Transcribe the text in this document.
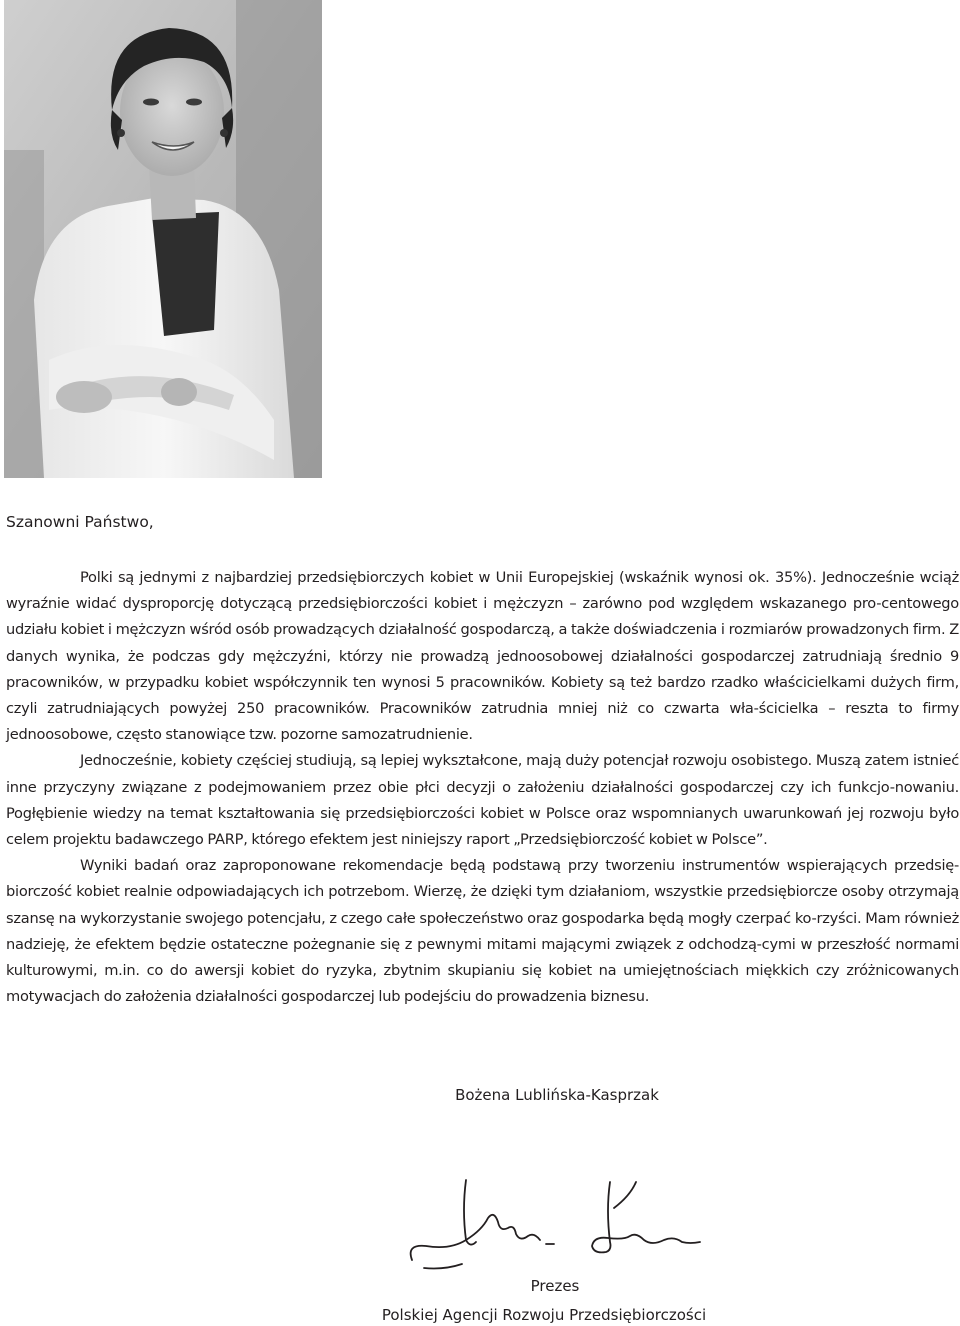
Szanowni Państwo,

Polki są jednymi z najbardziej przedsiębiorczych kobiet w Unii Europejskiej (wskaźnik wynosi ok. 35%). Jednocześnie wciąż wyraźnie widać dysproporcję dotyczącą przedsiębiorczości kobiet i mężczyzn – zarówno pod względem wskazanego pro-centowego udziału kobiet i mężczyzn wśród osób prowadzących działalność gospodarczą, a także doświadczenia i rozmiarów prowadzonych firm. Z danych wynika, że podczas gdy mężczyźni, którzy nie prowadzą jednoosobowej działalności gospodarczej zatrudniają średnio 9 pracowników, w przypadku kobiet współczynnik ten wynosi 5 pracowników. Kobiety są też bardzo rzadko właścicielkami dużych firm, czyli zatrudniających powyżej 250 pracowników. Pracowników zatrudnia mniej niż co czwarta wła-ścicielka – reszta to firmy jednoosobowe, często stanowiące tzw. pozorne samozatrudnienie.

Jednocześnie, kobiety częściej studiują, są lepiej wykształcone, mają duży potencjał rozwoju osobistego. Muszą zatem istnieć inne przyczyny związane z podejmowaniem przez obie płci decyzji o założeniu działalności gospodarczej czy ich funkcjo-nowaniu. Pogłębienie wiedzy na temat kształtowania się przedsiębiorczości kobiet w Polsce oraz wspomnianych uwarunkowań jej rozwoju było celem projektu badawczego PARP, którego efektem jest niniejszy raport „Przedsiębiorczość kobiet w Polsce”.

Wyniki badań oraz zaproponowane rekomendacje będą podstawą przy tworzeniu instrumentów wspierających przedsię-biorczość kobiet realnie odpowiadających ich potrzebom. Wierzę, że dzięki tym działaniom, wszystkie przedsiębiorcze osoby otrzymają szansę na wykorzystanie swojego potencjału, z czego całe społeczeństwo oraz gospodarka będą mogły czerpać ko-rzyści. Mam również nadzieję, że efektem będzie ostateczne pożegnanie się z pewnymi mitami mającymi związek z odchodzą-cymi w przeszłość normami kulturowymi, m.in. co do awersji kobiet do ryzyka, zbytnim skupianiu się kobiet na umiejętnościach miękkich czy zróżnicowanych motywacjach do założenia działalności gospodarczej lub podejściu do prowadzenia biznesu.

Bożena Lublińska-Kasprzak

Prezes

Polskiej Agencji Rozwoju Przedsiębiorczości
